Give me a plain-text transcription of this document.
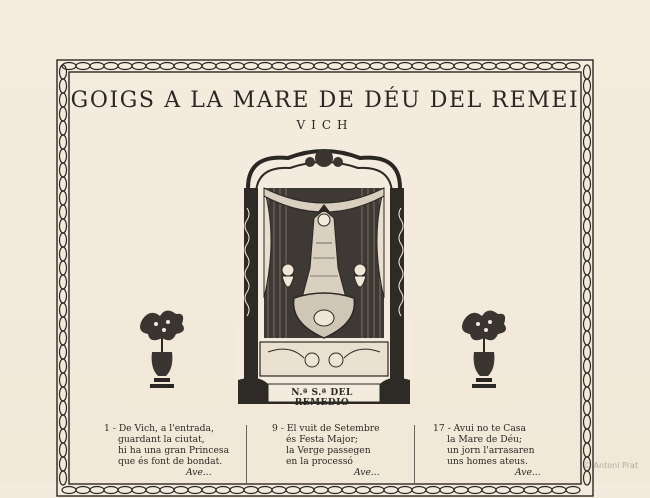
GOIGS A LA MARE DE DÉU DEL REMEI
VICH
N.ª S.ª DEL REMEDIO
1 - De Vich, a l'entrada,
guardant la ciutat,
hi ha una gran Princesa
que és font de bondat.
Ave...
9 - El vuit de Setembre
és Festa Major;
la Verge passegen
en la processó
Ave...
17 - Avui no te Casa
la Mare de Déu;
un jorn l'arrasaren
uns homes ateus.
Ave...
© Antoni Prat
